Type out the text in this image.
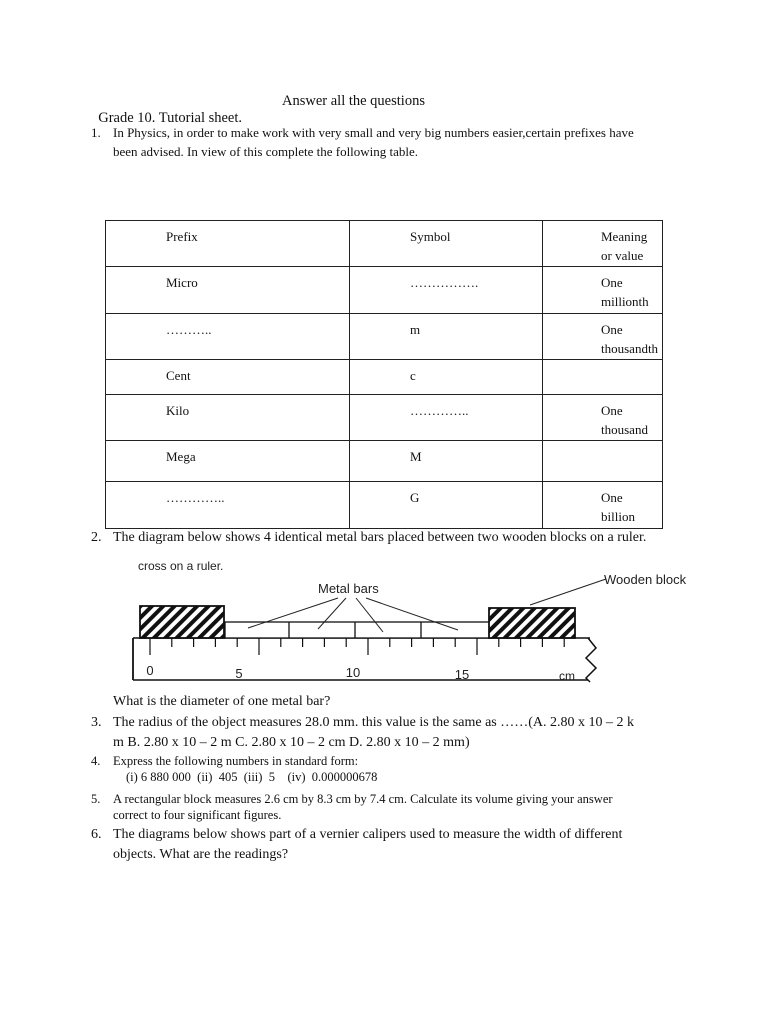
Grade 10. Tutorial sheet.

Answer all the questions

1. In Physics, in order to make work with very small and very big numbers easier,certain prefixes have
been advised. In view of this complete the following table.
Prefix	Symbol	Meaning
or value

Micro	…………….	One
millionth

………..	m	One
thousandth

Cent	c	

Kilo	…………..	One
thousand

Mega	M	

…………..	G	One
billion
2. The diagram below shows 4 identical metal bars placed between two wooden blocks on a ruler.
cross on a ruler.
Metal bars
Wooden block
0	5	10	15	cm
What is the diameter of one metal bar?
3. The radius of the object measures 28.0 mm. this value is the same as ……(A. 2.80 x 10 – 2 k
m B. 2.80 x 10 – 2 m C. 2.80 x 10 – 2 cm D. 2.80 x 10 – 2 mm)
4. Express the following numbers in standard form:
(i) 6 880 000  (ii)  405  (iii)  5    (iv)  0.000000678
5. A rectangular block measures 2.6 cm by 8.3 cm by 7.4 cm. Calculate its volume giving your answer
correct to four significant figures.
6. The diagrams below shows part of a vernier calipers used to measure the width of different
objects. What are the readings?
